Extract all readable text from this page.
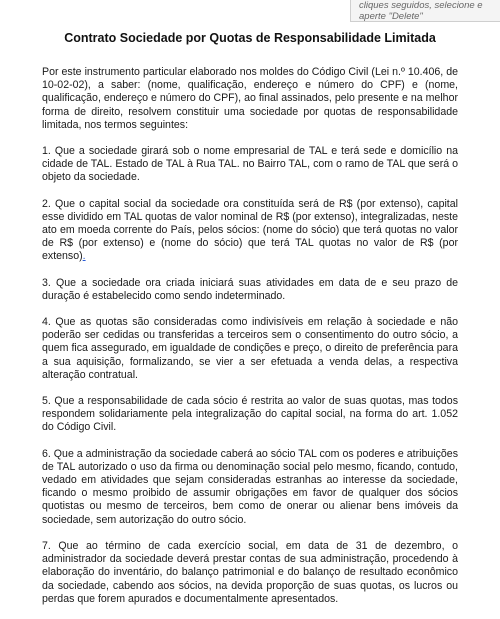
cliques seguidos, selecione e
aperte "Delete"
Contrato Sociedade por Quotas de Responsabilidade Limitada

Por este instrumento particular elaborado nos moldes do Código Civil (Lei n.º 10.406, de 10-02-02), a saber: (nome, qualificação, endereço e número do CPF) e (nome, qualificação, endereço e número do CPF), ao final assinados, pelo presente e na melhor forma de direito, resolvem constituir uma sociedade por quotas de responsabilidade limitada, nos termos seguintes:

1. Que a sociedade girará sob o nome empresarial de TAL e terá sede e domicílio na cidade de TAL. Estado de TAL à Rua TAL. no Bairro TAL, com o ramo de TAL que será o objeto da sociedade.

2. Que o capital social da sociedade ora constituída será de R$ (por extenso), capital esse dividido em TAL quotas de valor nominal de R$ (por extenso), integralizadas, neste ato em moeda corrente do País, pelos sócios: (nome do sócio) que terá quotas no valor de R$ (por extenso) e (nome do sócio) que terá TAL quotas no valor de R$ (por extenso).

3. Que a sociedade ora criada iniciará suas atividades em data de e seu prazo de duração é estabelecido como sendo indeterminado.

4. Que as quotas são consideradas como indivisíveis em relação à sociedade e não poderão ser cedidas ou transferidas a terceiros sem o consentimento do outro sócio, a quem fica assegurado, em igualdade de condições e preço, o direito de preferência para a sua aquisição, formalizando, se vier a ser efetuada a venda delas, a respectiva alteração contratual.

5. Que a responsabilidade de cada sócio é restrita ao valor de suas quotas, mas todos respondem solidariamente pela integralização do capital social, na forma do art. 1.052 do Código Civil.

6. Que a administração da sociedade caberá ao sócio TAL com os poderes e atribuições de TAL autorizado o uso da firma ou denominação social pelo mesmo, ficando, contudo, vedado em atividades que sejam consideradas estranhas ao interesse da sociedade, ficando o mesmo proibido de assumir obrigações em favor de qualquer dos sócios quotistas ou mesmo de terceiros, bem como de onerar ou alienar bens imóveis da sociedade, sem autorização do outro sócio.

7. Que ao término de cada exercício social, em data de 31 de dezembro, o administrador da sociedade deverá prestar contas de sua administração, procedendo à elaboração do inventário, do balanço patrimonial e do balanço de resultado econômico da sociedade, cabendo aos sócios, na devida proporção de suas quotas, os lucros ou perdas que forem apurados e documentalmente apresentados.
